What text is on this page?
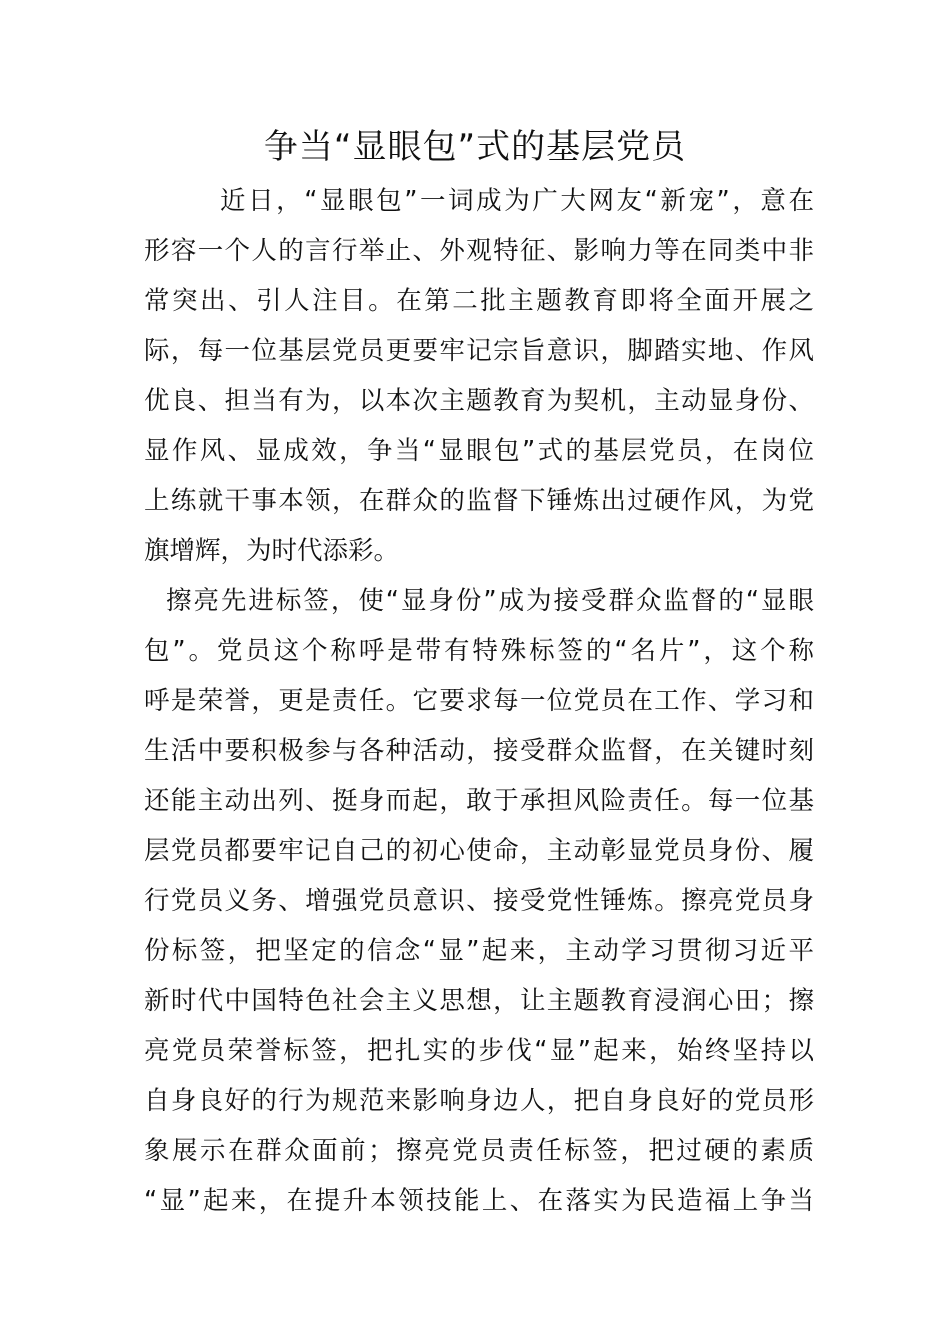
争当“显眼包”式的基层党员
近日，“显眼包”一词成为广大网友“新宠”，意在
形容一个人的言行举止、外观特征、影响力等在同类中非
常突出、引人注目。在第二批主题教育即将全面开展之
际，每一位基层党员更要牢记宗旨意识，脚踏实地、作风
优良、担当有为，以本次主题教育为契机，主动显身份、
显作风、显成效，争当“显眼包”式的基层党员，在岗位
上练就干事本领，在群众的监督下锤炼出过硬作风，为党
旗增辉，为时代添彩。
擦亮先进标签，使“显身份”成为接受群众监督的“显眼
包”。党员这个称呼是带有特殊标签的“名片”，这个称
呼是荣誉，更是责任。它要求每一位党员在工作、学习和
生活中要积极参与各种活动，接受群众监督，在关键时刻
还能主动出列、挺身而起，敢于承担风险责任。每一位基
层党员都要牢记自己的初心使命，主动彰显党员身份、履
行党员义务、增强党员意识、接受党性锤炼。擦亮党员身
份标签，把坚定的信念“显”起来，主动学习贯彻习近平
新时代中国特色社会主义思想，让主题教育浸润心田；擦
亮党员荣誉标签，把扎实的步伐“显”起来，始终坚持以
自身良好的行为规范来影响身边人，把自身良好的党员形
象展示在群众面前；擦亮党员责任标签，把过硬的素质
“显”起来，在提升本领技能上、在落实为民造福上争当
